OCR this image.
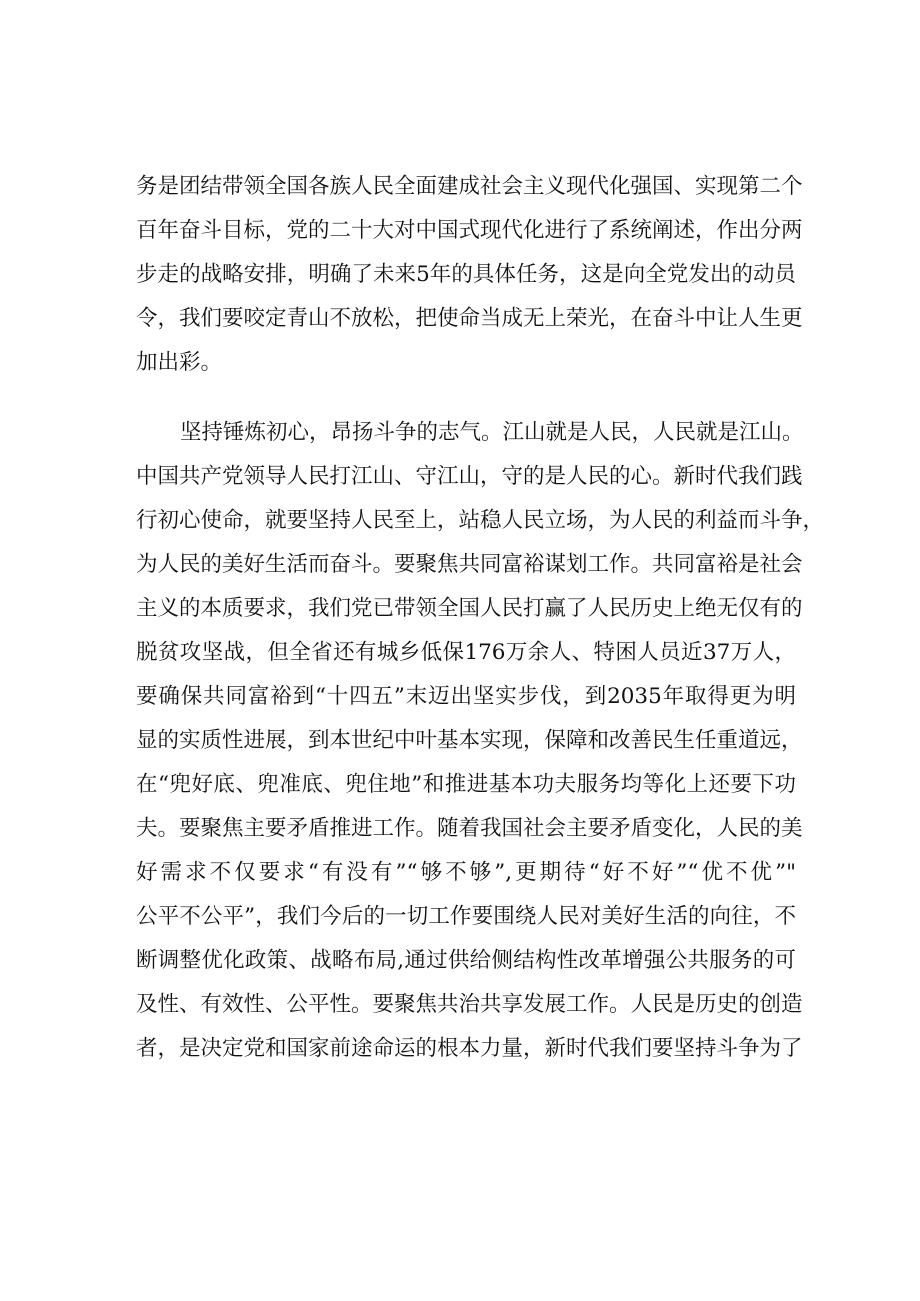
务是团结带领全国各族人民全面建成社会主义现代化强国、实现第二个
百年奋斗目标，党的二十大对中国式现代化进行了系统阐述，作出分两
步走的战略安排，明确了未来5年的具体任务，这是向全党发出的动员
令，我们要咬定青山不放松，把使命当成无上荣光，在奋斗中让人生更
加出彩。
坚持锤炼初心，昂扬斗争的志气。江山就是人民，人民就是江山。
中国共产党领导人民打江山、守江山，守的是人民的心。新时代我们践
行初心使命，就要坚持人民至上，站稳人民立场，为人民的利益而斗争，
为人民的美好生活而奋斗。要聚焦共同富裕谋划工作。共同富裕是社会
主义的本质要求，我们党已带领全国人民打赢了人民历史上绝无仅有的
脱贫攻坚战，但全省还有城乡低保176万余人、特困人员近37万人，
要确保共同富裕到“十四五”末迈出坚实步伐，到2035年取得更为明
显的实质性进展，到本世纪中叶基本实现，保障和改善民生任重道远，
在“兜好底、兜准底、兜住地”和推进基本功夫服务均等化上还要下功
夫。要聚焦主要矛盾推进工作。随着我国社会主要矛盾变化，人民的美
好需求不仅要求“有没有”“够不够”,更期待“好不好”“优不优”"
公平不公平”，我们今后的一切工作要围绕人民对美好生活的向往，不
断调整优化政策、战略布局,通过供给侧结构性改革增强公共服务的可
及性、有效性、公平性。要聚焦共治共享发展工作。人民是历史的创造
者，是决定党和国家前途命运的根本力量，新时代我们要坚持斗争为了
